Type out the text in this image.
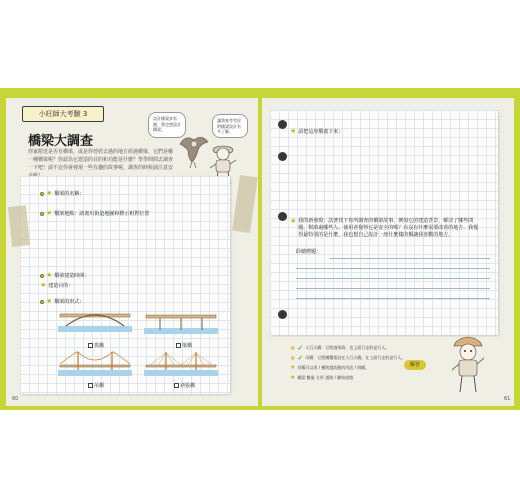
小旺師大考驗 3
橋梁大調查
你家附近是否有橋梁，或是你曾經去過的地方經過橋梁，它們是哪一種橋梁呢？你認為它建造的目的和功能是什麼？學學問問去調查一下吧！請不定你會發現一些有趣的故事呢，調查的時候請注意安
設計橋梁真有趣，我也想設計橋梁。
★ 橋梁的名稱：
★ 橋梁地點：請畫出街道地圖和標示相對位置
★ 橋梁建造時間：
★ 建造目的：
★ 橋梁的形式：
拱橋	梁橋
吊橋	斜張橋
60
讓我來考考你們橋梁設計有多了解。	★ 請把這座橋畫下來：
★ 我的新發現：試著找下你所調查的橋梁故事，例如它的建造背景，解決了哪些問題，幫助過哪些人。使用者覺得它是安全的嗎？有沒有什麼需要改善的地方，我覺得最特別的是什麼，我也想自己設計一座什麼樣的橋讓我喜歡的地方。
聆聽標題：
★ ✓ 人行天橋：它跨越馬路，也上面行走的是行人。
★ ✓ 吊橋：它將鋼纜架設在人行天橋。在上面行走的是行人。
★ 吊橋可以用 / 橫跨越流動的河流 / 拱橋。
★ 橋梁 數量 方形 道路 / 聯絡道路
解答
61
